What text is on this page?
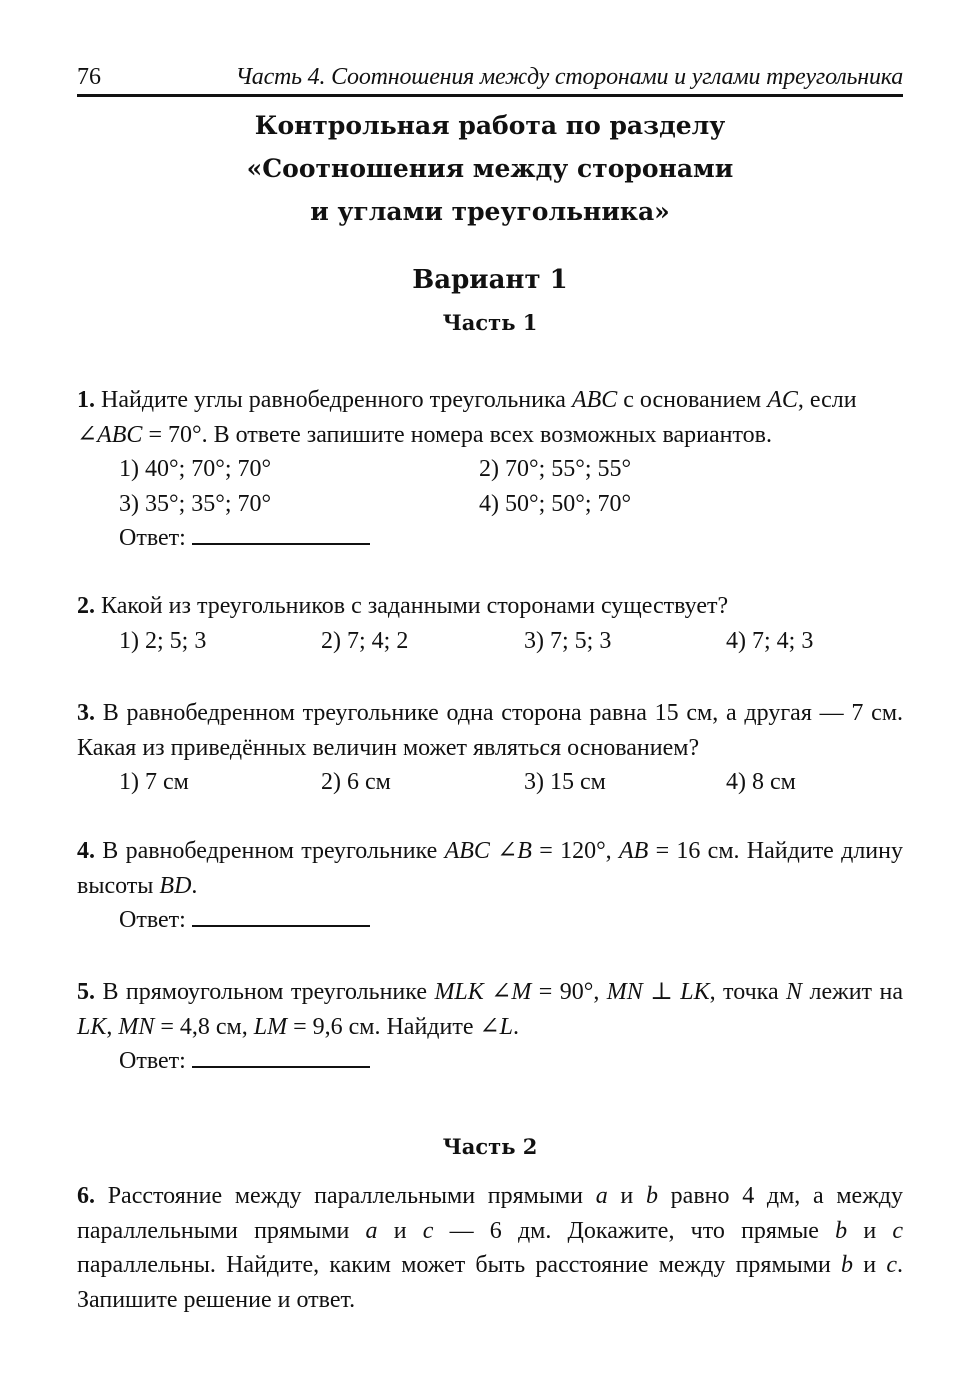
76	Часть 4. Соотношения между сторонами и углами треугольника
Контрольная работа по разделу
«Соотношения между сторонами
и углами треугольника»
Вариант 1
Часть 1

1. Найдите углы равнобедренного треугольника ABC с основанием AC, если
∠ABC = 70°. В ответе запишите номера всех возможных вариантов.

1) 40°; 70°; 70°	2) 70°; 55°; 55°
3) 35°; 35°; 70°	4) 50°; 50°; 70°
Ответ:

2. Какой из треугольников с заданными сторонами существует?

1) 2; 5; 3	2) 7; 4; 2	3) 7; 5; 3	4) 7; 4; 3

3. В равнобедренном треугольнике одна сторона равна 15 см, а другая — 7 см. Какая из приведённых величин может являться основанием?

1) 7 см	2) 6 см	3) 15 см	4) 8 см

4. В равнобедренном треугольнике ABC ∠B = 120°, AB = 16 см. Найдите длину высоты BD.

Ответ:

5. В прямоугольном треугольнике MLK ∠M = 90°, MN ⊥ LK, точка N лежит на LK, MN = 4,8 см, LM = 9,6 см. Найдите ∠L.

Ответ:
Часть 2

6. Расстояние между параллельными прямыми a и b равно 4 дм, а между параллельными прямыми a и c — 6 дм. Докажите, что прямые b и c параллельны. Найдите, каким может быть расстояние между прямыми b и c. Запишите решение и ответ.
